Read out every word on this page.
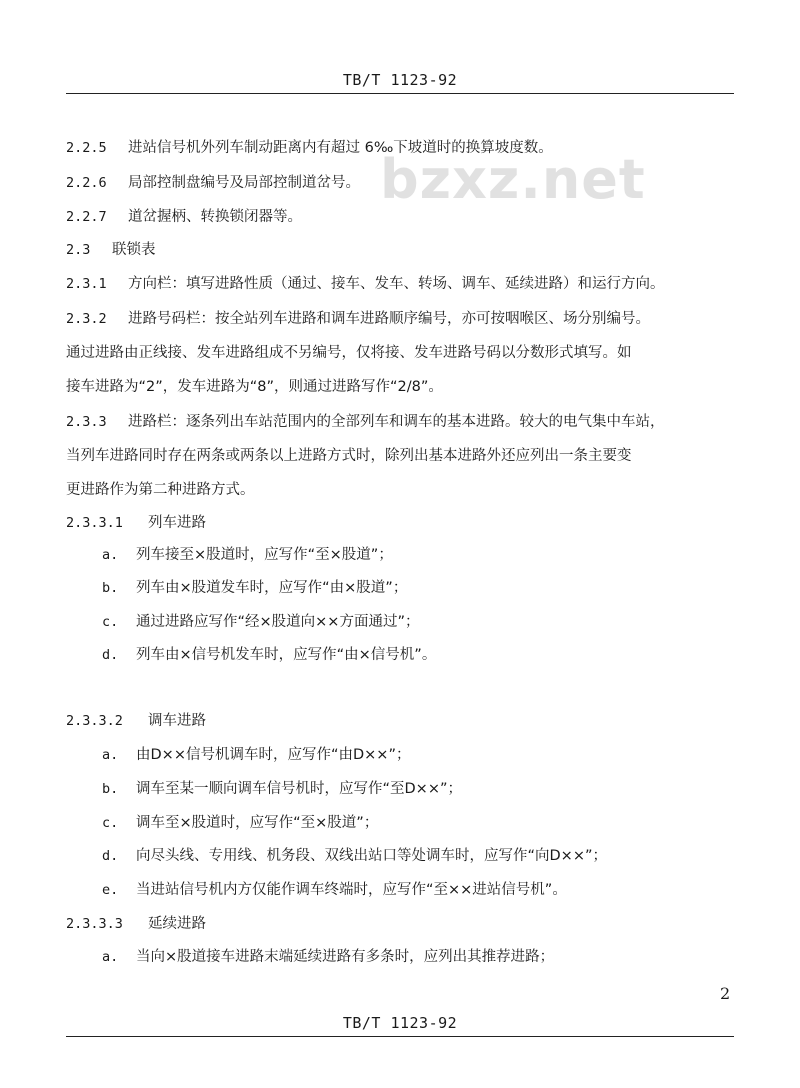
TB/T 1123-92
bzxz.net
2.2.5 进站信号机外列车制动距离内有超过 6‰下坡道时的换算坡度数。
2.2.6 局部控制盘编号及局部控制道岔号。
2.2.7 道岔握柄、转换锁闭器等。
2.3 联锁表
2.3.1 方向栏：填写进路性质（通过、接车、发车、转场、调车、延续进路）和运行方向。
2.3.2 进路号码栏：按全站列车进路和调车进路顺序编号，亦可按咽喉区、场分别编号。
通过进路由正线接、发车进路组成不另编号，仅将接、发车进路号码以分数形式填写。如
接车进路为“2”，发车进路为“8”，则通过进路写作“2/8”。
2.3.3 进路栏：逐条列出车站范围内的全部列车和调车的基本进路。较大的电气集中车站，
当列车进路同时存在两条或两条以上进路方式时，除列出基本进路外还应列出一条主要变
更进路作为第二种进路方式。
2.3.3.1 列车进路
a. 列车接至×股道时，应写作“至×股道”；
b. 列车由×股道发车时，应写作“由×股道”；
c. 通过进路应写作“经×股道向××方面通过”；
d. 列车由×信号机发车时，应写作“由×信号机”。
2.3.3.2 调车进路
a. 由D××信号机调车时，应写作“由D××”；
b. 调车至某一顺向调车信号机时，应写作“至D××”；
c. 调车至×股道时，应写作“至×股道”；
d. 向尽头线、专用线、机务段、双线出站口等处调车时，应写作“向D××”；
e. 当进站信号机内方仅能作调车终端时，应写作“至××进站信号机”。
2.3.3.3 延续进路
a. 当向×股道接车进路末端延续进路有多条时，应列出其推荐进路；
2
TB/T 1123-92
